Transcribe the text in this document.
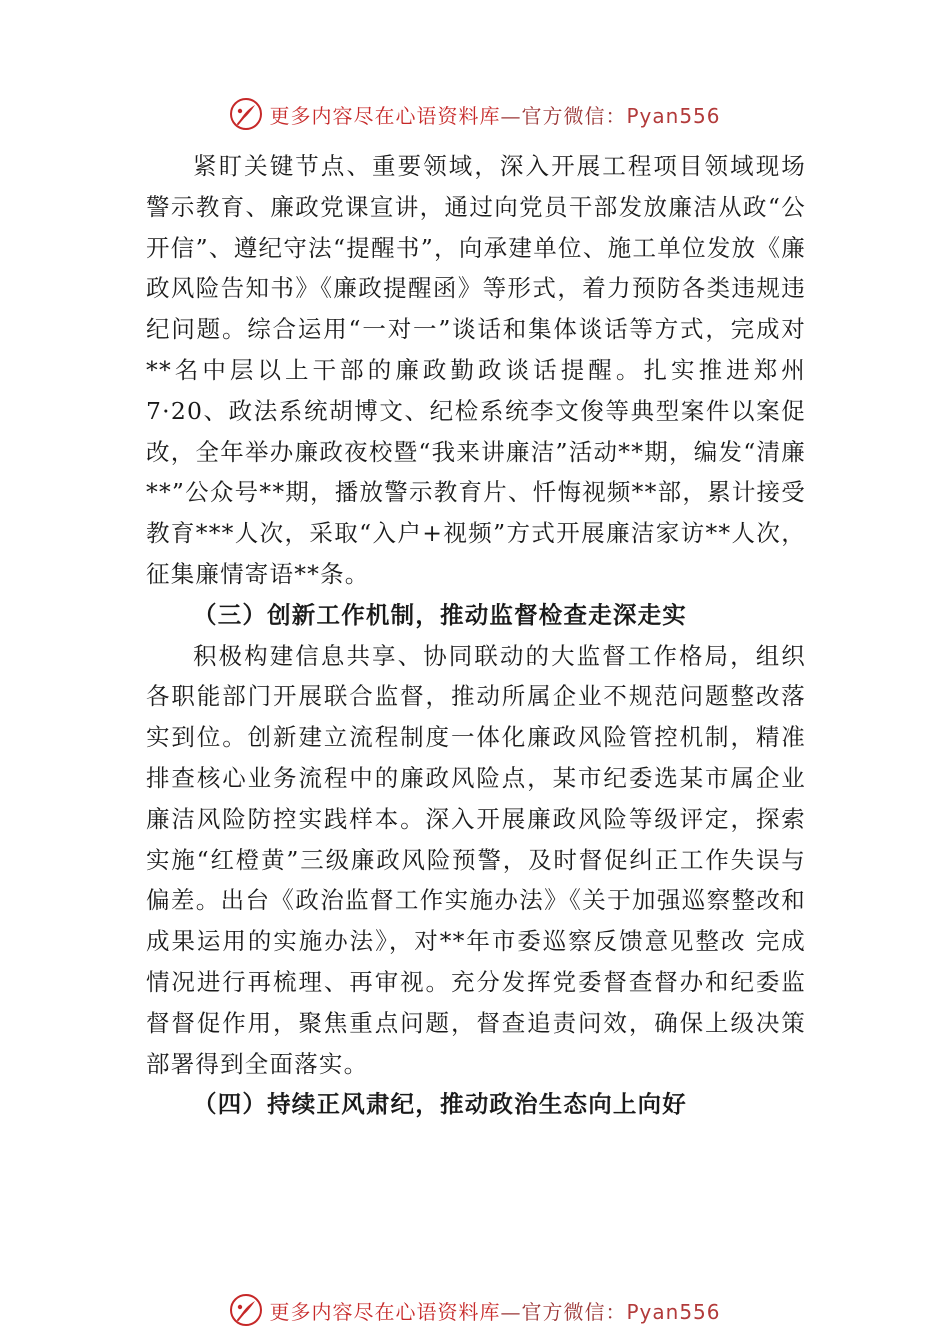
更多内容尽在心语资料库—官方微信：Pyan556

紧盯关键节点、重要领域，深入开展工程项目领域现场警示教育、廉政党课宣讲，通过向党员干部发放廉洁从政“公 开信”、遵纪守法“提醒书”，向承建单位、施工单位发放《廉政风险告知书》《廉政提醒函》等形式，着力预防各类违规违纪问题。综合运用“一对一”谈话和集体谈话等方式，完成对**名中层以上干部的廉政勤政谈话提醒。扎实推进郑州7·20、政法系统胡博文、纪检系统李文俊等典型案件以案促 改，全年举办廉政夜校暨“我来讲廉洁”活动**期，编发“清廉**”公众号**期，播放警示教育片、忏悔视频**部，累计接受教育***人次，采取“入户+视频”方式开展廉洁家访**人次，征集廉情寄语**条。

（三）创新工作机制，推动监督检查走深走实

积极构建信息共享、协同联动的大监督工作格局，组织各职能部门开展联合监督，推动所属企业不规范问题整改落实到位。创新建立流程制度一体化廉政风险管控机制，精准排查核心业务流程中的廉政风险点，某市纪委选某市属企业廉洁风险防控实践样本。深入开展廉政风险等级评定，探索实施“红橙黄”三级廉政风险预警，及时督促纠正工作失误与偏差。出台《政治监督工作实施办法》《关于加强巡察整改和成果运用的实施办法》，对**年市委巡察反馈意见整改 完成情况进行再梳理、再审视。充分发挥党委督查督办和纪委监督督促作用，聚焦重点问题，督查追责问效，确保上级决策部署得到全面落实。

（四）持续正风肃纪，推动政治生态向上向好

更多内容尽在心语资料库—官方微信：Pyan556
